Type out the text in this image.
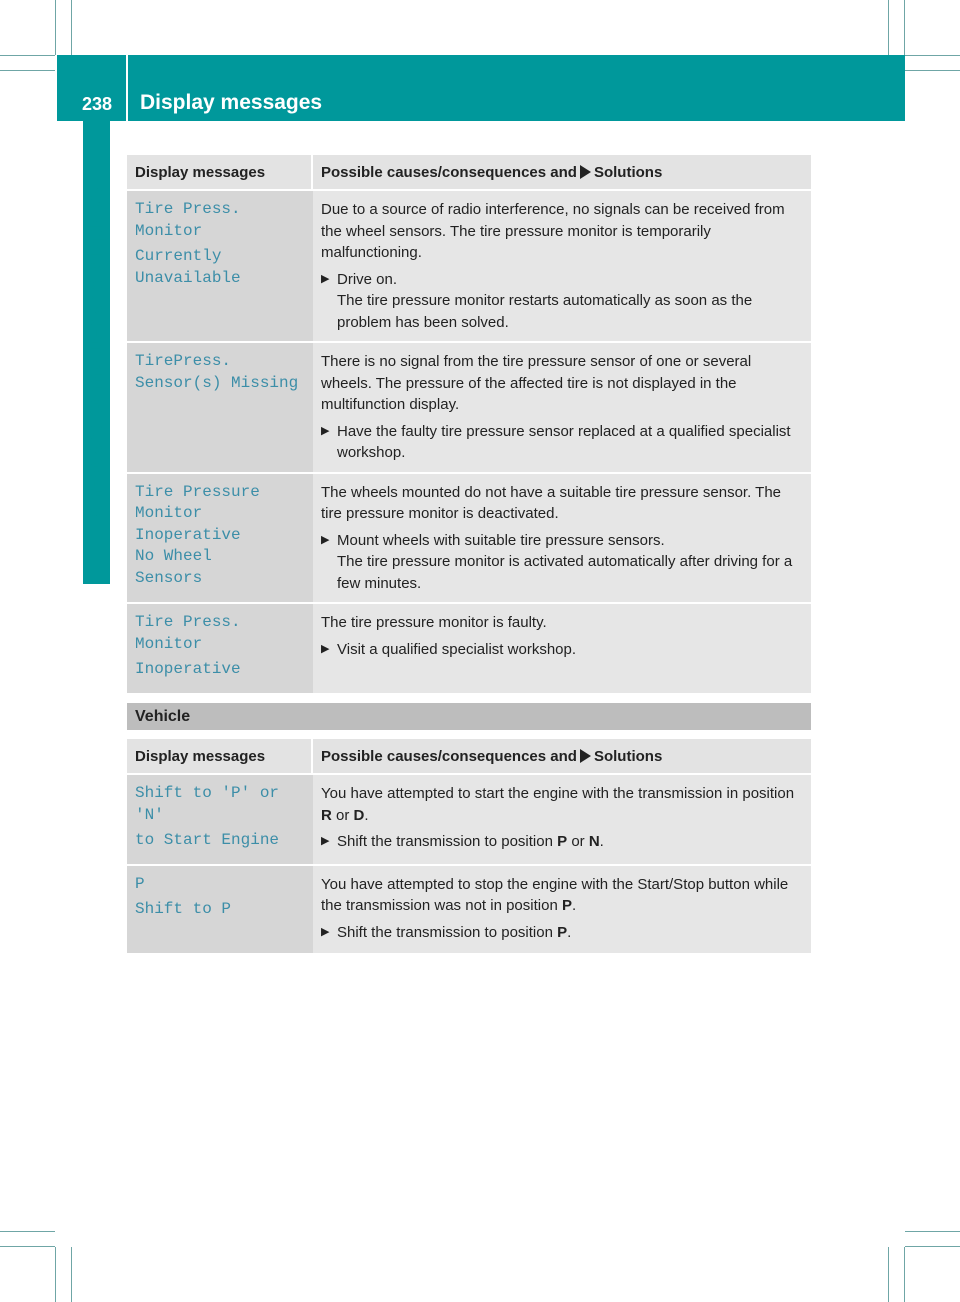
238 Display messages
On-board computer and displays
Display messages	Possible causes/consequences and Solutions

Tire Press. Monitor

Currently Unavailable

Due to a source of radio interference, no signals can be received from the wheel sensors. The tire pressure monitor is temporarily malfunctioning.

▶ Drive on.
The tire pressure monitor restarts automatically as soon as the problem has been solved.

TirePress. Sensor(s) Missing

There is no signal from the tire pressure sensor of one or several wheels. The pressure of the affected tire is not displayed in the multifunction display.

▶ Have the faulty tire pressure sensor replaced at a qualified specialist workshop.

Tire Pressure Monitor Inoperative No Wheel Sensors

The wheels mounted do not have a suitable tire pressure sensor. The tire pressure monitor is deactivated.

▶ Mount wheels with suitable tire pressure sensors.
The tire pressure monitor is activated automatically after driving for a few minutes.

Tire Press. Monitor

Inoperative

The tire pressure monitor is faulty.

▶ Visit a qualified specialist workshop.
Vehicle
Display messages	Possible causes/consequences and Solutions

Shift to 'P' or 'N'

to Start Engine

You have attempted to start the engine with the transmission in position R or D.

▶ Shift the transmission to position P or N.

P

Shift to P

You have attempted to stop the engine with the Start/Stop button while the transmission was not in position P.

▶ Shift the transmission to position P.
